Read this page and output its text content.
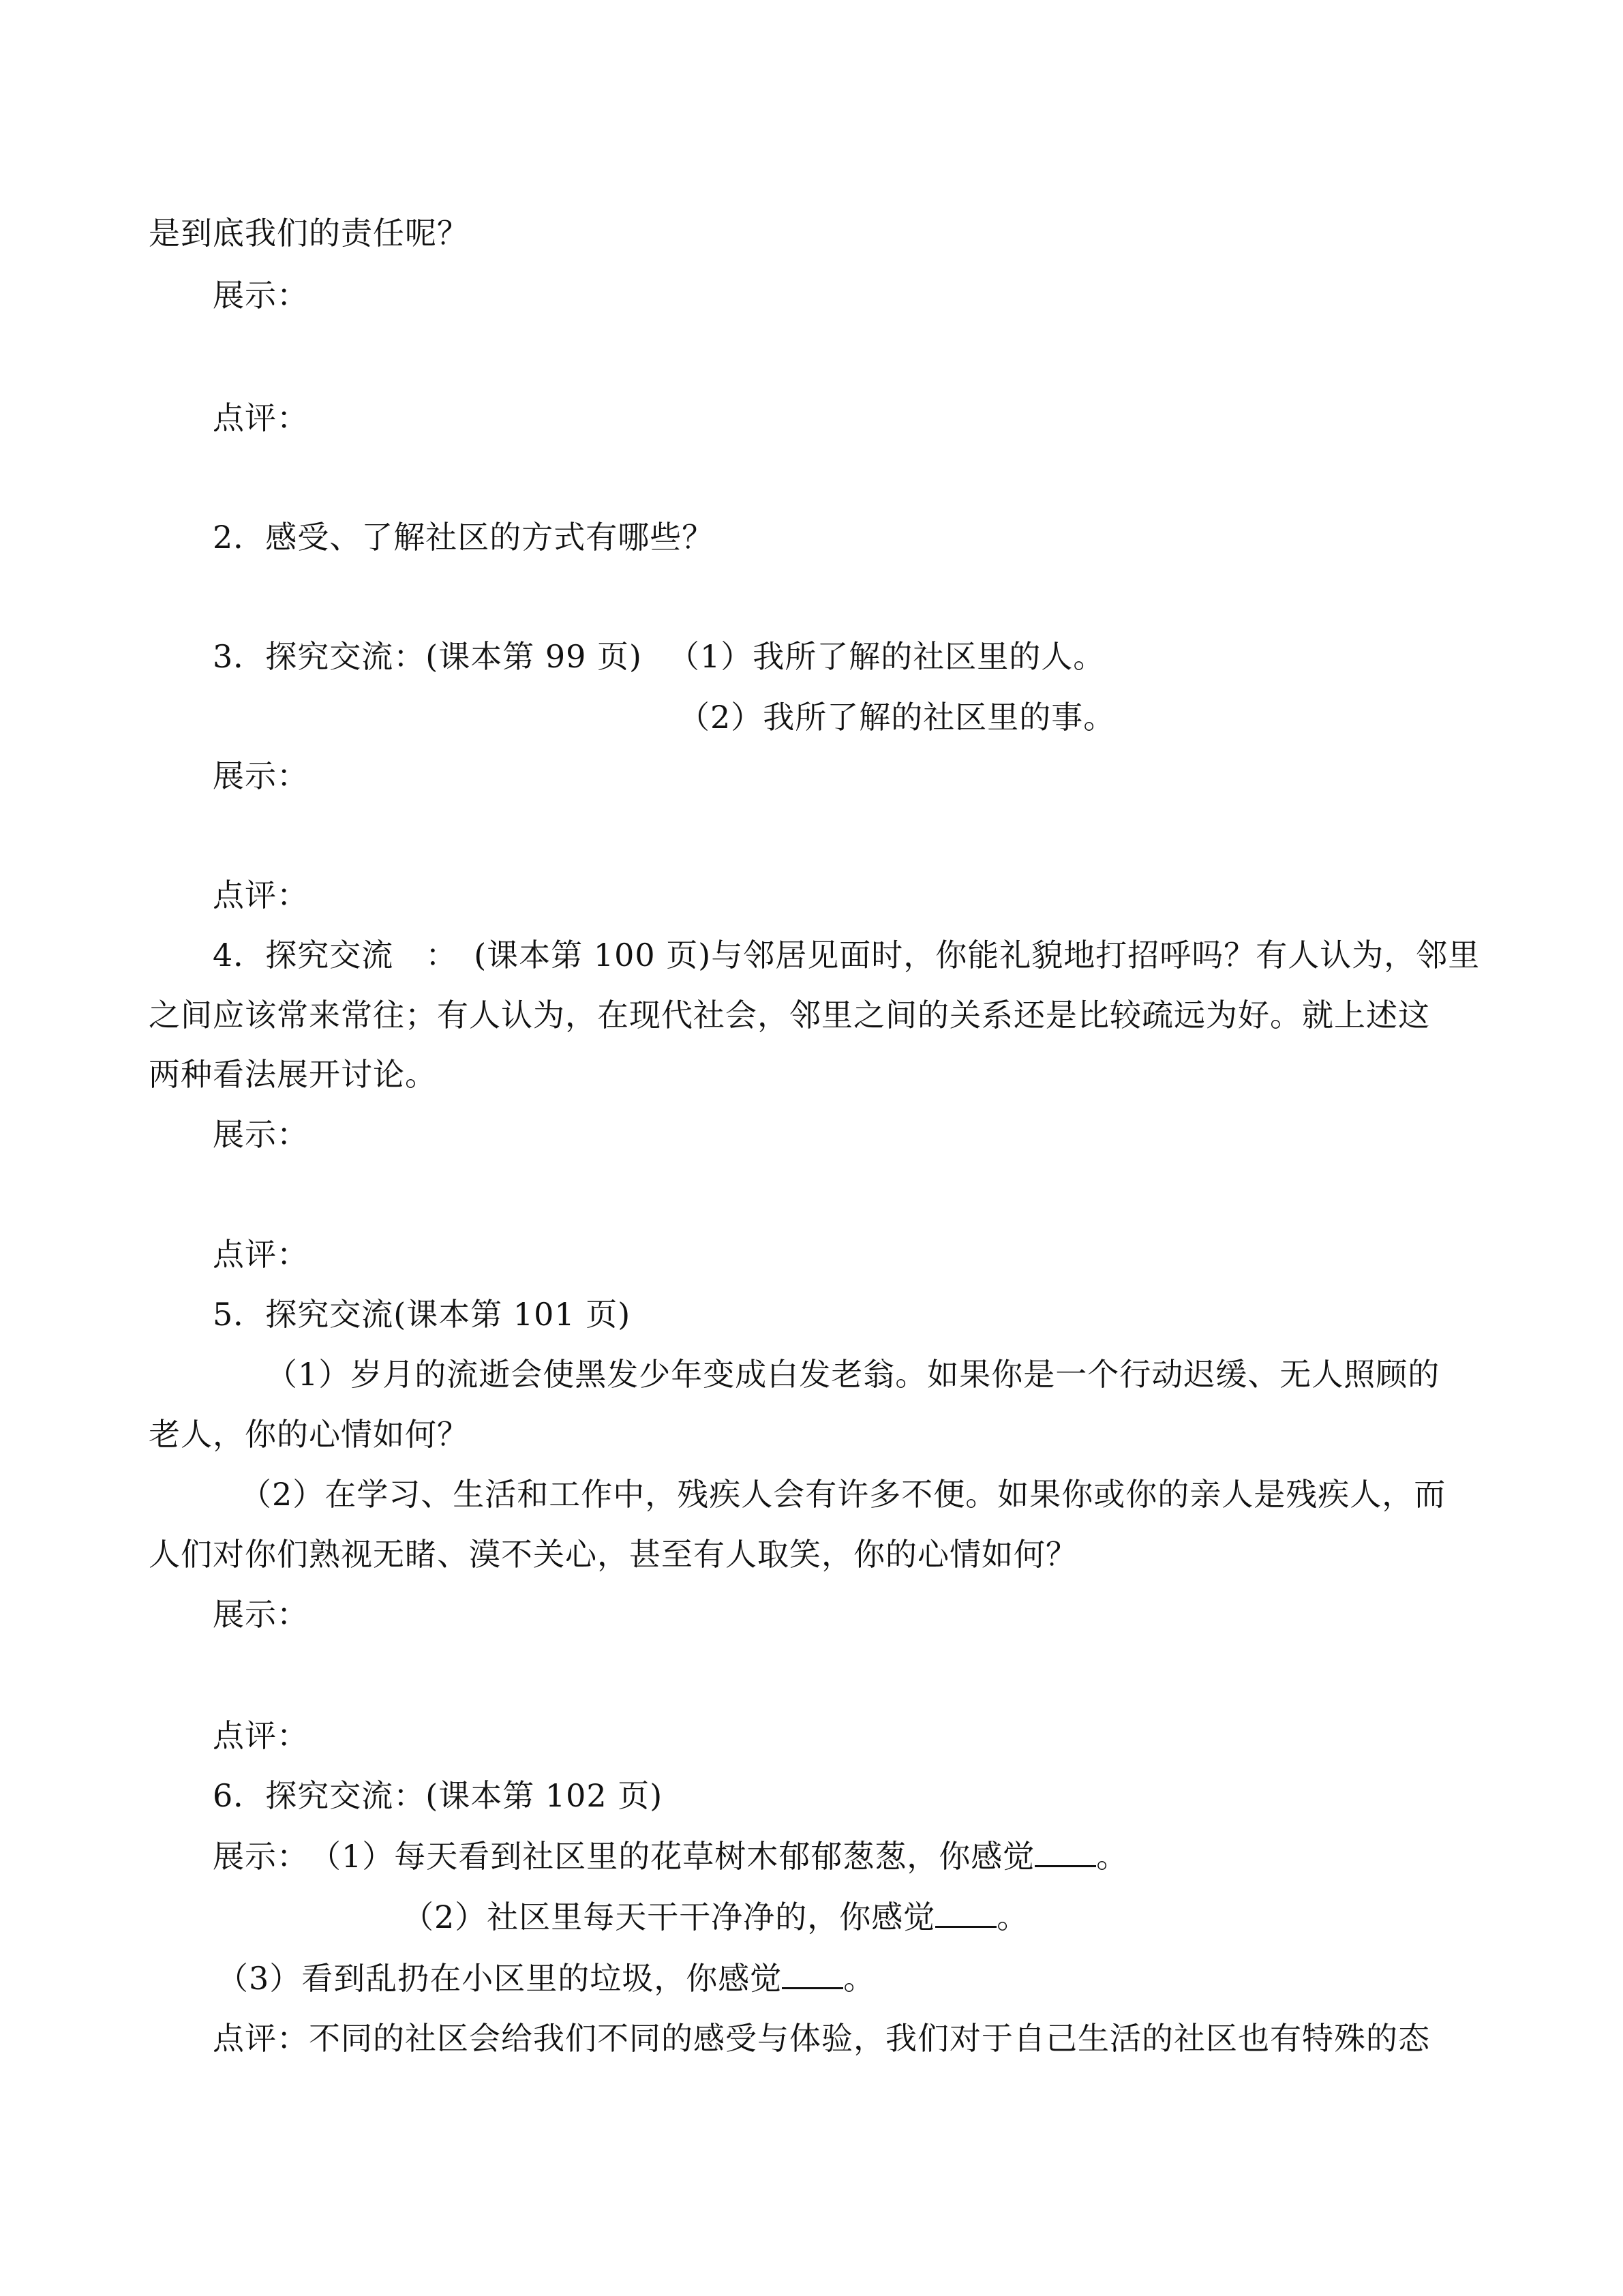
是到底我们的责任呢？
展示：
点评：
2．感受、了解社区的方式有哪些？
3．探究交流：(课本第 99 页) （1）我所了解的社区里的人。
（2）我所了解的社区里的事。
展示：
点评：
4．探究交流　：　(课本第 100 页)与邻居见面时，你能礼貌地打招呼吗？有人认为，邻里
之间应该常来常往；有人认为，在现代社会，邻里之间的关系还是比较疏远为好。就上述这
两种看法展开讨论。
展示：
点评：
5．探究交流(课本第 101 页)
（1）岁月的流逝会使黑发少年变成白发老翁。如果你是一个行动迟缓、无人照顾的
老人，你的心情如何？
（2）在学习、生活和工作中，残疾人会有许多不便。如果你或你的亲人是残疾人，而
人们对你们熟视无睹、漠不关心，甚至有人取笑，你的心情如何？
展示：
点评：
6．探究交流：(课本第 102 页)
展示：　（1）每天看到社区里的花草树木郁郁葱葱，你感觉 。
（2）社区里每天干干净净的，你感觉 。
（3）看到乱扔在小区里的垃圾，你感觉 。
点评：不同的社区会给我们不同的感受与体验，我们对于自己生活的社区也有特殊的态
